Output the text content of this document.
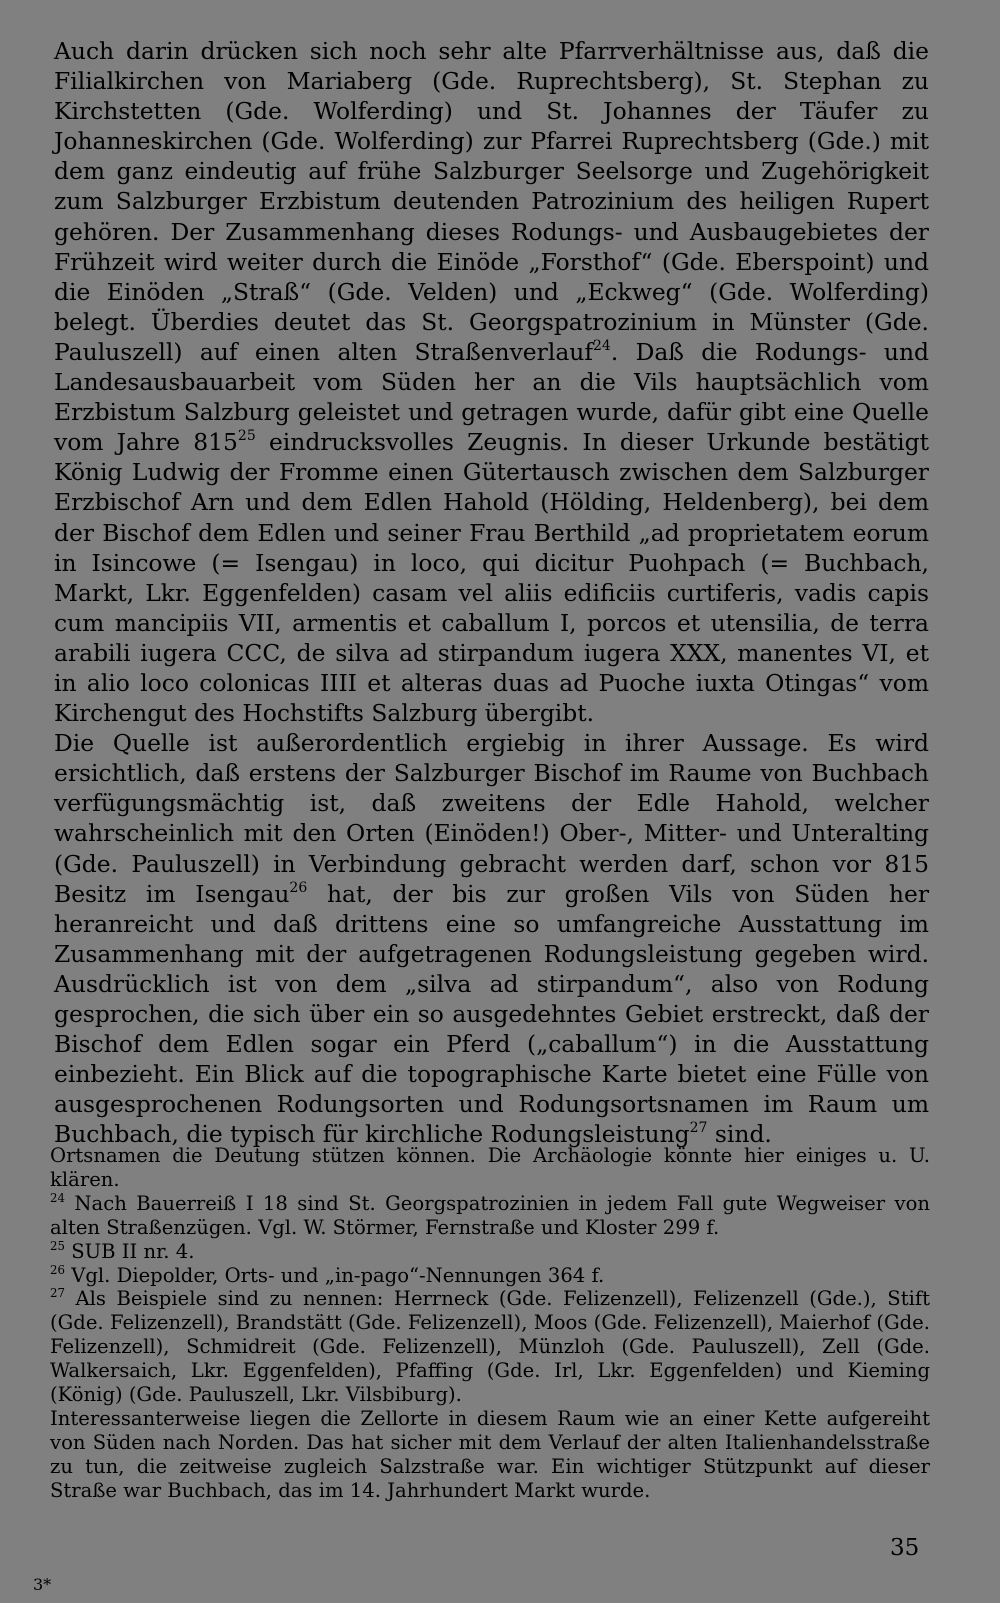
Auch darin drücken sich noch sehr alte Pfarrverhältnisse aus, daß die Filialkirchen von Mariaberg (Gde. Ruprechtsberg), St. Stephan zu Kirchstetten (Gde. Wolferding) und St. Johannes der Täufer zu Johanneskirchen (Gde. Wolferding) zur Pfarrei Ruprechtsberg (Gde.) mit dem ganz eindeutig auf frühe Salzburger Seelsorge und Zugehörigkeit zum Salzburger Erzbistum deutenden Patrozinium des heiligen Rupert gehören. Der Zusammenhang dieses Rodungs- und Ausbaugebietes der Frühzeit wird weiter durch die Einöde „Forsthof“ (Gde. Eberspoint) und die Einöden „Straß“ (Gde. Velden) und „Eckweg“ (Gde. Wolferding) belegt. Überdies deutet das St. Georgspatrozinium in Münster (Gde. Pauluszell) auf einen alten Straßenverlauf$^{24}$. Daß die Rodungs- und Landesausbauarbeit vom Süden her an die Vils hauptsächlich vom Erzbistum Salzburg geleistet und getragen wurde, dafür gibt eine Quelle vom Jahre $815^{25}$ eindrucksvolles Zeugnis. In dieser Urkunde bestätigt König Ludwig der Fromme einen Gütertausch zwischen dem Salzburger Erzbischof Arn und dem Edlen Hahold (Hölding, Heldenberg), bei dem der Bischof dem Edlen und seiner Frau Berthild „ad proprietatem eorum in Isincowe (= Isengau) in loco, qui dicitur Puohpach (= Buchbach, Markt, Lkr. Eggenfelden) casam vel aliis edificiis curtiferis, vadis capis cum mancipiis VII, armentis et caballum I, porcos et utensilia, de terra arabili iugera CCC, de silva ad stirpandum iugera XXX, manentes VI, et in alio loco colonicas IIII et alteras duas ad Puoche iuxta Otingas“ vom Kirchengut des Hochstifts Salzburg übergibt.

Die Quelle ist außerordentlich ergiebig in ihrer Aussage. Es wird ersichtlich, daß erstens der Salzburger Bischof im Raume von Buchbach verfügungsmächtig ist, daß zweitens der Edle Hahold, welcher wahrscheinlich mit den Orten (Einöden!) Ober-, Mitter- und Unteralting (Gde. Pauluszell) in Verbindung gebracht werden darf, schon vor 815 Besitz im Isengau$^{26}$ hat, der bis zur großen Vils von Süden her heranreicht und daß drittens eine so umfangreiche Ausstattung im Zusammenhang mit der aufgetragenen Rodungsleistung gegeben wird. Ausdrücklich ist von dem „silva ad stirpandum“, also von Rodung gesprochen, die sich über ein so ausgedehntes Gebiet erstreckt, daß der Bischof dem Edlen sogar ein Pferd („caballum“) in die Ausstattung einbezieht. Ein Blick auf die topographische Karte bietet eine Fülle von ausgesprochenen Rodungsorten und Rodungsortsnamen im Raum um Buchbach, die typisch für kirchliche Rodungsleistung$^{27}$ sind.

Ortsnamen die Deutung stützen können. Die Archäologie könnte hier einiges u. U. klären.

$^{24}$ Nach Bauerreiß I 18 sind St. Georgspatrozinien in jedem Fall gute Wegweiser von alten Straßenzügen. Vgl. W. Störmer, Fernstraße und Kloster 299 f.

$^{25}$ SUB II nr. 4.

$^{26}$ Vgl. Diepolder, Orts- und „in-pago“-Nennungen 364 f.

$^{27}$ Als Beispiele sind zu nennen: Herrneck (Gde. Felizenzell), Felizenzell (Gde.), Stift (Gde. Felizenzell), Brandstätt (Gde. Felizenzell), Moos (Gde. Felizenzell), Maierhof (Gde. Felizenzell), Schmidreit (Gde. Felizenzell), Münzloh (Gde. Pauluszell), Zell (Gde. Walkersaich, Lkr. Eggenfelden), Pfaffing (Gde. Irl, Lkr. Eggenfelden) und Kieming (König) (Gde. Pauluszell, Lkr. Vilsbiburg).

Interessanterweise liegen die Zellorte in diesem Raum wie an einer Kette aufgereiht von Süden nach Norden. Das hat sicher mit dem Verlauf der alten Italienhandelsstraße zu tun, die zeitweise zugleich Salzstraße war. Ein wichtiger Stützpunkt auf dieser Straße war Buchbach, das im 14. Jahrhundert Markt wurde.

35
3*
